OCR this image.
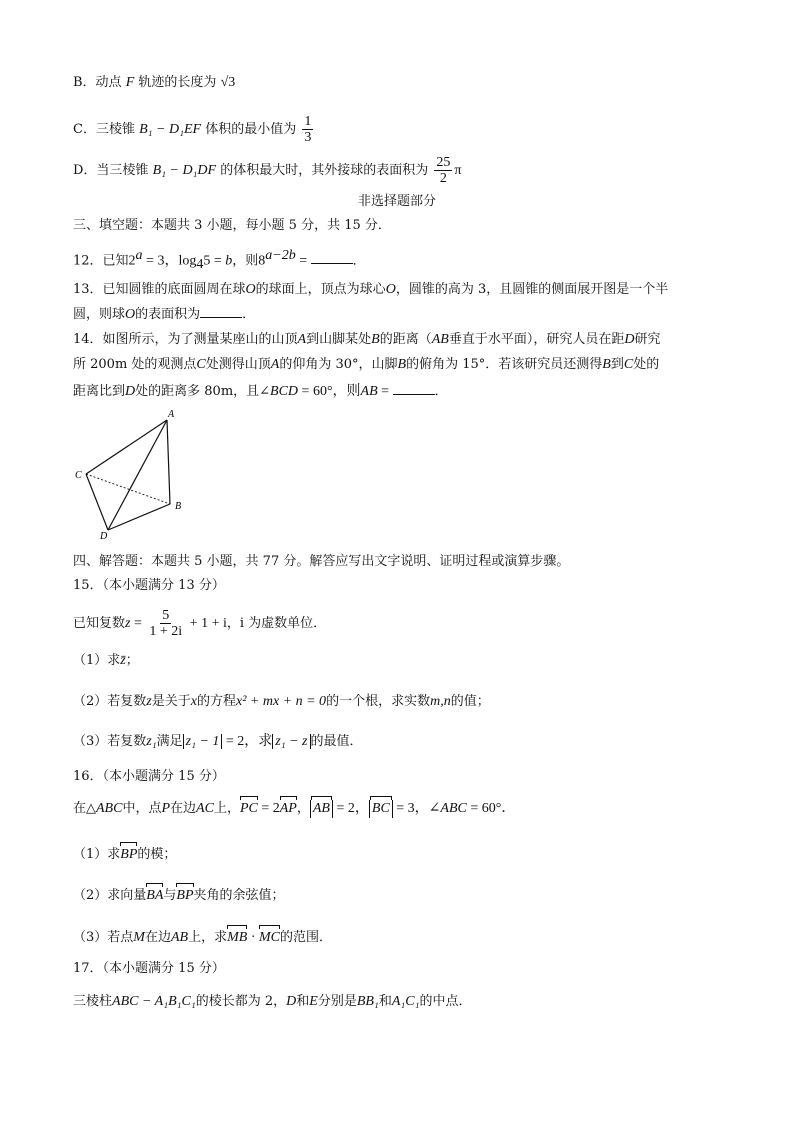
B．动点 F 轨迹的长度为 √3
C．三棱锥 B₁ − D₁EF 体积的最小值为 $\frac{1}{3}$
D．当三棱锥 B₁ − D₁DF 的体积最大时，其外接球的表面积为 $\frac{25}{2}$ π
非选择题部分
三、填空题：本题共 3 小题，每小题 5 分，共 15 分．
12．已知$2^a = 3$，$\log_45 = b$，则$8^{a-2b}$ =	．
13．已知圆锥的底面圆周在球O的球面上，顶点为球心O，圆锥的高为 3，且圆锥的侧面展开图是一个半
圆，则球O的表面积为	．
14．如图所示，为了测量某座山的山顶A到山脚某处B的距离（AB垂直于水平面），研究人员在距D研究
所 200m 处的观测点C处测得山顶A的仰角为 30°，山脚B的俯角为 15°．若该研究员还测得B到C处的
距离比到D处的距离多 80m，且∠BCD = 60°，则AB =	．
A
C
B
D
四、解答题：本题共 5 小题，共 77 分。解答应写出文字说明、证明过程或演算步骤。
15．（本小题满分 13 分）
已知复数$z = \frac{5}{1 + 2i} + 1 + i$，i 为虚数单位．
（1）求z̄；
（2）若复数z是关于x的方程x² + mx + n = 0的一个根，求实数m,n的值；
（3）若复数z₁满足 z₁ − 1 = 2，求 z₁ − z 的最值．
16．（本小题满分 15 分）
在△ABC中，点P在边AC上，PC = 2AP， AB = 2， BC = 3，∠ABC = 60°．
（1）求BP的模；
（2）求向量BA与BP夹角的余弦值；
（3）若点M在边AB上，求MB · MC的范围．
17．（本小题满分 15 分）
三棱柱ABC − A₁B₁C₁的棱长都为 2，D和E分别是BB₁和A₁C₁的中点．
